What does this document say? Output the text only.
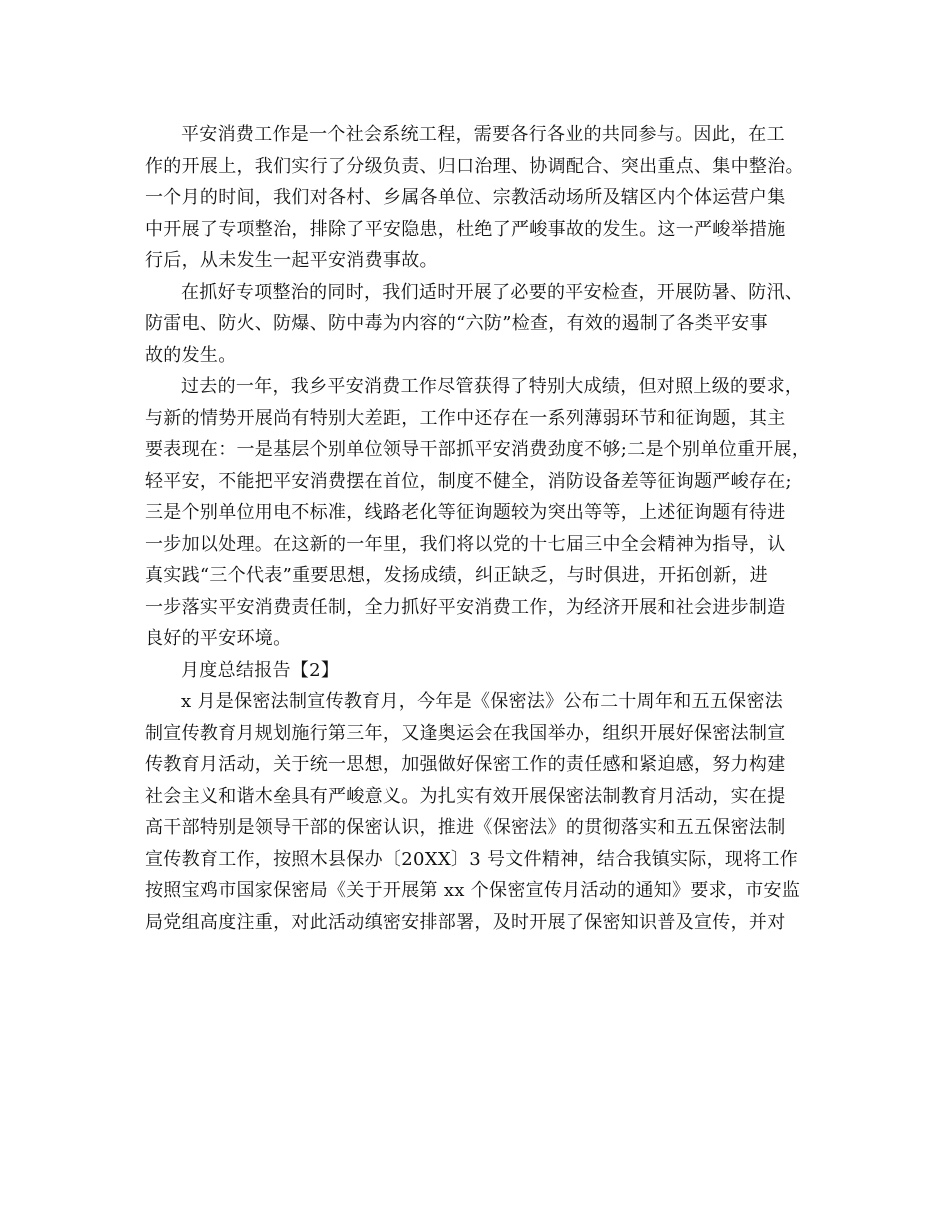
平安消费工作是一个社会系统工程，需要各行各业的共同参与。因此，在工
作的开展上，我们实行了分级负责、归口治理、协调配合、突出重点、集中整治。
一个月的时间，我们对各村、乡属各单位、宗教活动场所及辖区内个体运营户集
中开展了专项整治，排除了平安隐患，杜绝了严峻事故的发生。这一严峻举措施
行后，从未发生一起平安消费事故。
在抓好专项整治的同时，我们适时开展了必要的平安检查，开展防暑、防汛、
防雷电、防火、防爆、防中毒为内容的“六防”检查，有效的遏制了各类平安事
故的发生。
过去的一年，我乡平安消费工作尽管获得了特别大成绩，但对照上级的要求，
与新的情势开展尚有特别大差距，工作中还存在一系列薄弱环节和征询题，其主
要表现在：一是基层个别单位领导干部抓平安消费劲度不够;二是个别单位重开展，
轻平安，不能把平安消费摆在首位，制度不健全，消防设备差等征询题严峻存在;
三是个别单位用电不标准，线路老化等征询题较为突出等等，上述征询题有待进
一步加以处理。在这新的一年里，我们将以党的十七届三中全会精神为指导，认
真实践“三个代表”重要思想，发扬成绩，纠正缺乏，与时俱进，开拓创新，进
一步落实平安消费责任制，全力抓好平安消费工作，为经济开展和社会进步制造
良好的平安环境。
月度总结报告【2】
x 月是保密法制宣传教育月，今年是《保密法》公布二十周年和五五保密法
制宣传教育月规划施行第三年，又逢奥运会在我国举办，组织开展好保密法制宣
传教育月活动，关于统一思想，加强做好保密工作的责任感和紧迫感，努力构建
社会主义和谐木垒具有严峻意义。为扎实有效开展保密法制教育月活动，实在提
高干部特别是领导干部的保密认识，推进《保密法》的贯彻落实和五五保密法制
宣传教育工作，按照木县保办〔20XX〕3 号文件精神，结合我镇实际，现将工作
按照宝鸡市国家保密局《关于开展第 xx 个保密宣传月活动的通知》要求，市安监
局党组高度注重，对此活动缜密安排部署，及时开展了保密知识普及宣传，并对
